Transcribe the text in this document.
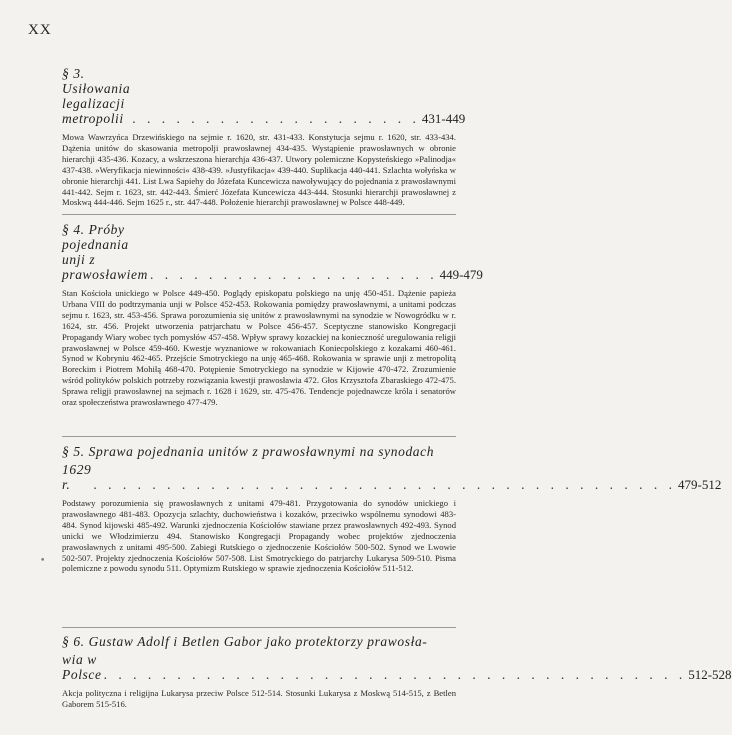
XX
§ 3. Usiłowania legalizacji metropolii . . . . . . . . . . . . . . . . . . . . 431-449
Mowa Wawrzyńca Drzewińskiego na sejmie r. 1620, str. 431-433. Konstytucja sejmu r. 1620, str. 433-434. Dążenia unitów do skasowania metropolji prawosławnej 434-435. Wystąpienie prawosławnych w obronie hierarchji 435-436. Kozacy, a wskrzeszona hierarchja 436-437. Utwory polemiczne Kopysteńskiego »Palinodja« 437-438. »Weryfikacja niewinności« 438-439. »Justyfikacja« 439-440. Suplikacja 440-441. Szlachta wołyńska w obronie hierarchji 441. List Lwa Sapiehy do Józefata Kuncewicza nawoływujący do pojednania z prawosławnymi 441-442. Sejm r. 1623, str. 442-443. Śmierć Józefata Kuncewicza 443-444. Stosunki hierarchji prawosławnej z Moskwą 444-446. Sejm 1625 r., str. 447-448. Położenie hierarchji prawosławnej w Polsce 448-449.
§ 4. Próby pojednania unji z prawosławiem . . . . . . . . . . . . . . . . . . . . 449-479
Stan Kościoła unickiego w Polsce 449-450. Poglądy episkopatu polskiego na unję 450-451. Dążenie papieża Urbana VIII do podtrzymania unji w Polsce 452-453. Rokowania pomiędzy prawosławnymi, a unitami podczas sejmu r. 1623, str. 453-456. Sprawa porozumienia się unitów z prawosławnymi na synodzie w Nowogródku w r. 1624, str. 456. Projekt utworzenia patrjarchatu w Polsce 456-457. Sceptyczne stanowisko Kongregacji Propagandy Wiary wobec tych pomysłów 457-458. Wpływ sprawy kozackiej na konieczność uregulowania religji prawosławnej w Polsce 459-460. Kwestje wyznaniowe w rokowaniach Koniecpolskiego z kozakami 460-461. Synod w Kobryniu 462-465. Przejście Smotryckiego na unję 465-468. Rokowania w sprawie unji z metropolitą Boreckim i Piotrem Mohiłą 468-470. Potępienie Smotryckiego na synodzie w Kijowie 470-472. Zrozumienie wśród polityków polskich potrzeby rozwiązania kwestji prawosławia 472. Głos Krzysztofa Zbaraskiego 472-475. Sprawa religji prawosławnej na sejmach r. 1628 i 1629, str. 475-476. Tendencje pojednawcze króla i senatorów oraz społeczeństwa prawosławnego 477-479.
§ 5. Sprawa pojednania unitów z prawosławnymi na synodach
1629 r.	. . . . . . . . . . . . . . . . . . . . . . . . . . . . . . . . . . . . . . . . 479-512
Podstawy porozumienia się prawosławnych z unitami 479-481. Przygotowania do synodów unickiego i prawosławnego 481-483. Opozycja szlachty, duchowieństwa i kozaków, przeciwko wspólnemu synodowi 483-484. Synod kijowski 485-492. Warunki zjednoczenia Kościołów stawiane przez prawosławnych 492-493. Synod unicki we Włodzimierzu 494. Stanowisko Kongregacji Propagandy wobec projektów zjednoczenia prawosławnych z unitami 495-500. Zabiegi Rutskiego o zjednoczenie Kościołów 500-502. Synod we Lwowie 502-507. Projekty zjednoczenia Kościołów 507-508. List Smotryckiego do patrjarchy Lukarysa 509-510. Pisma polemiczne z powodu synodu 511. Optymizm Rutskiego w sprawie zjednoczenia Kościołów 511-512.
•
§ 6. Gustaw Adolf i Betlen Gabor jako protektorzy prawosła-
wia w Polsce . . . . . . . . . . . . . . . . . . . . . . . . . . . . . . . . . . . . . . . . 512-528
Akcja polityczna i religijna Lukarysa przeciw Polsce 512-514. Stosunki Lukarysa z Moskwą 514-515, z Betlen Gaborem 515-516.
